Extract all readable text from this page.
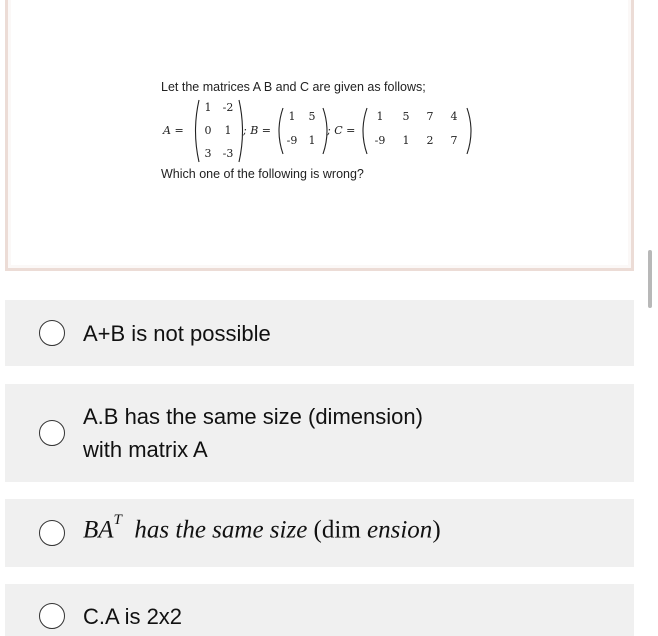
Let the matrices A B and C are given as follows;
A =
1	-2
0	1
3	-3
; B =
1	5
-9	1
; C =
1	5	7	4
-9	1	2	7
Which one of the following is wrong?
A+B is not possible
A.B has the same size (dimension)
with matrix A
$BA^T$ has the same size (dim ension)
C.A is 2x2
